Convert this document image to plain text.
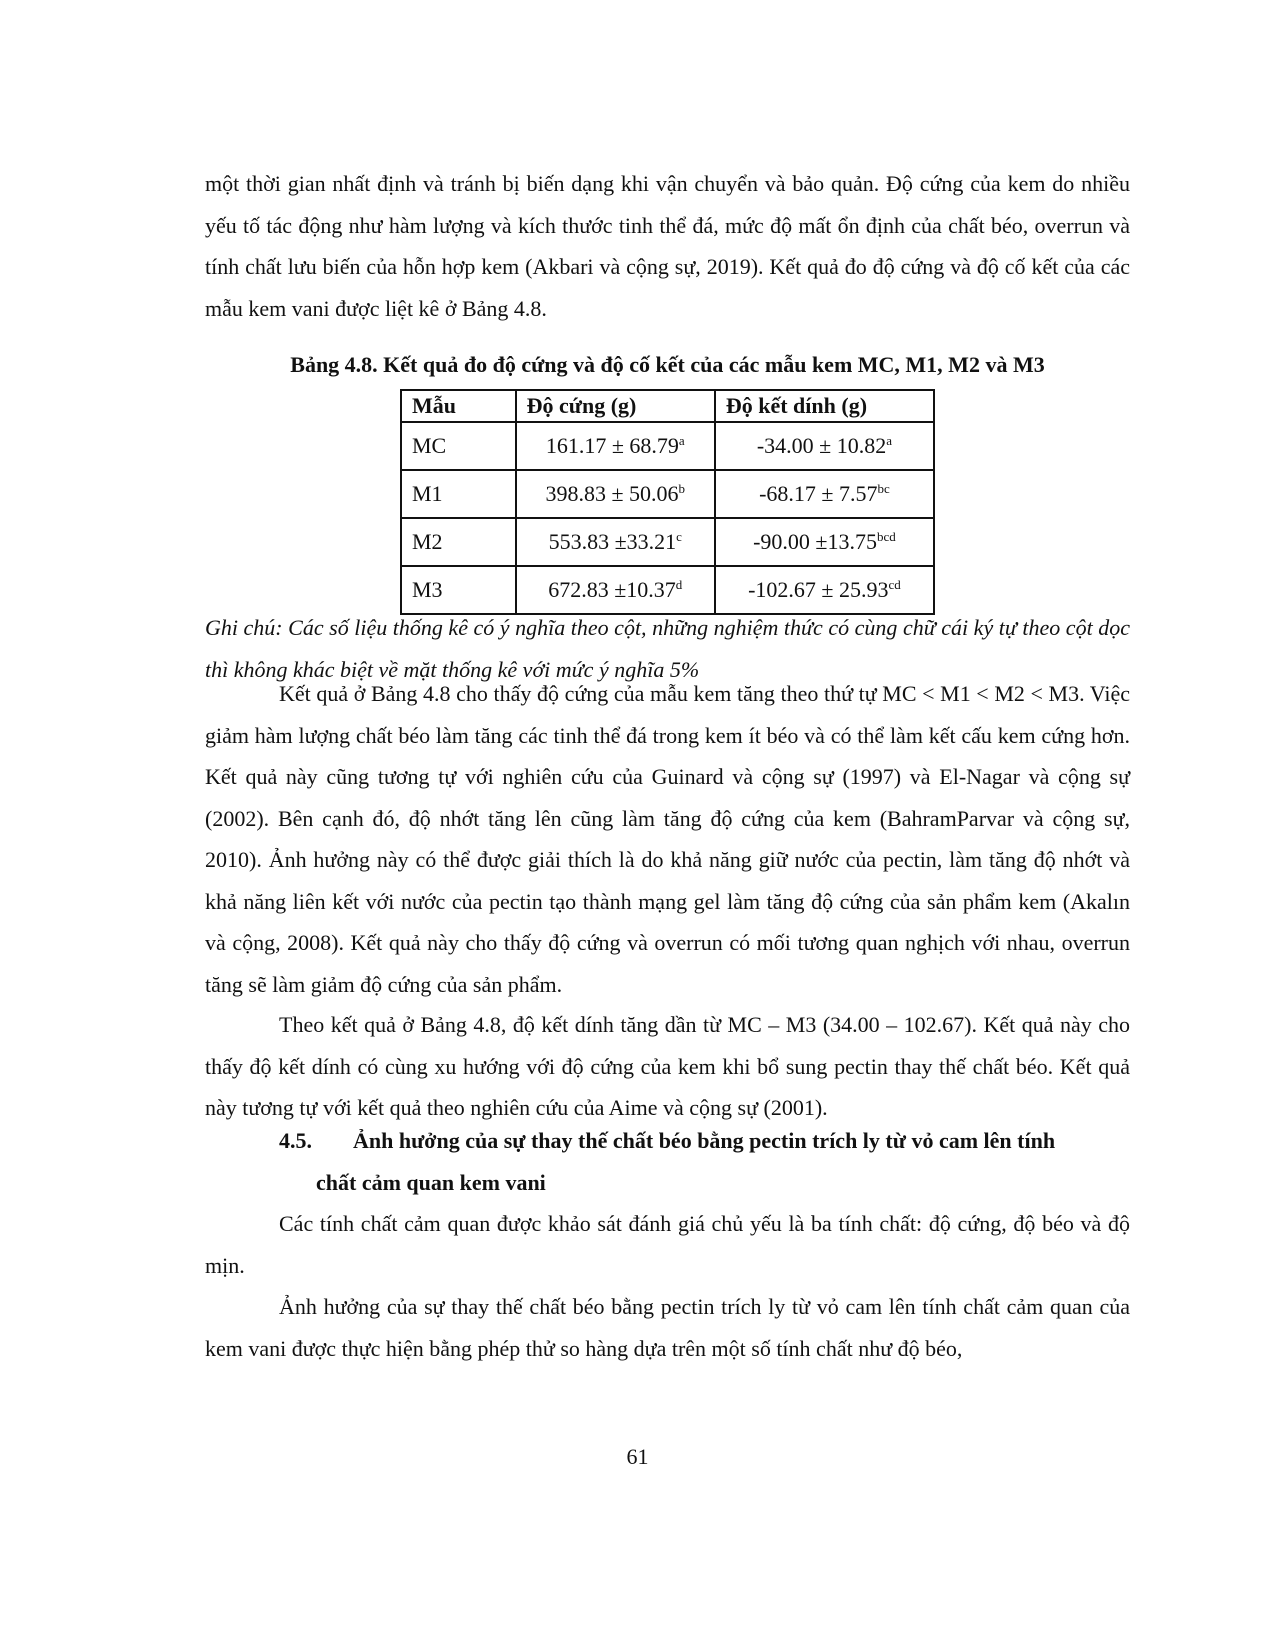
một thời gian nhất định và tránh bị biến dạng khi vận chuyển và bảo quản. Độ cứng của kem do nhiều yếu tố tác động như hàm lượng và kích thước tinh thể đá, mức độ mất ổn định của chất béo, overrun và tính chất lưu biến của hỗn hợp kem (Akbari và cộng sự, 2019). Kết quả đo độ cứng và độ cố kết của các mẫu kem vani được liệt kê ở Bảng 4.8.

Bảng 4.8. Kết quả đo độ cứng và độ cố kết của các mẫu kem MC, M1, M2 và M3

Mẫu	Độ cứng (g)	Độ kết dính (g)
MC	161.17 ± 68.79$^a$	-34.00 ± 10.82$^a$
M1	398.83 ± 50.06$^b$	-68.17 ± 7.57$^{bc}$
M2	553.83 ±33.21$^c$	-90.00 ±13.75$^{bcd}$
M3	672.83 ±10.37$^d$	-102.67 ± 25.93$^{cd}$

Ghi chú: Các số liệu thống kê có ý nghĩa theo cột, những nghiệm thức có cùng chữ cái ký tự theo cột dọc thì không khác biệt về mặt thống kê với mức ý nghĩa 5%

Kết quả ở Bảng 4.8 cho thấy độ cứng của mẫu kem tăng theo thứ tự MC < M1 < M2 < M3. Việc giảm hàm lượng chất béo làm tăng các tinh thể đá trong kem ít béo và có thể làm kết cấu kem cứng hơn. Kết quả này cũng tương tự với nghiên cứu của Guinard và cộng sự (1997) và El-Nagar và cộng sự (2002). Bên cạnh đó, độ nhớt tăng lên cũng làm tăng độ cứng của kem (BahramParvar và cộng sự, 2010). Ảnh hưởng này có thể được giải thích là do khả năng giữ nước của pectin, làm tăng độ nhớt và khả năng liên kết với nước của pectin tạo thành mạng gel làm tăng độ cứng của sản phẩm kem (Akalın và cộng, 2008). Kết quả này cho thấy độ cứng và overrun có mối tương quan nghịch với nhau, overrun tăng sẽ làm giảm độ cứng của sản phẩm.

Theo kết quả ở Bảng 4.8, độ kết dính tăng dần từ MC – M3 (34.00 – 102.67). Kết quả này cho thấy độ kết dính có cùng xu hướng với độ cứng của kem khi bổ sung pectin thay thế chất béo. Kết quả này tương tự với kết quả theo nghiên cứu của Aime và cộng sự (2001).

4.5. Ảnh hưởng của sự thay thế chất béo bằng pectin trích ly từ vỏ cam lên tính
chất cảm quan kem vani

Các tính chất cảm quan được khảo sát đánh giá chủ yếu là ba tính chất: độ cứng, độ béo và độ mịn.

Ảnh hưởng của sự thay thế chất béo bằng pectin trích ly từ vỏ cam lên tính chất cảm quan của kem vani được thực hiện bằng phép thử so hàng dựa trên một số tính chất như độ béo,

61
